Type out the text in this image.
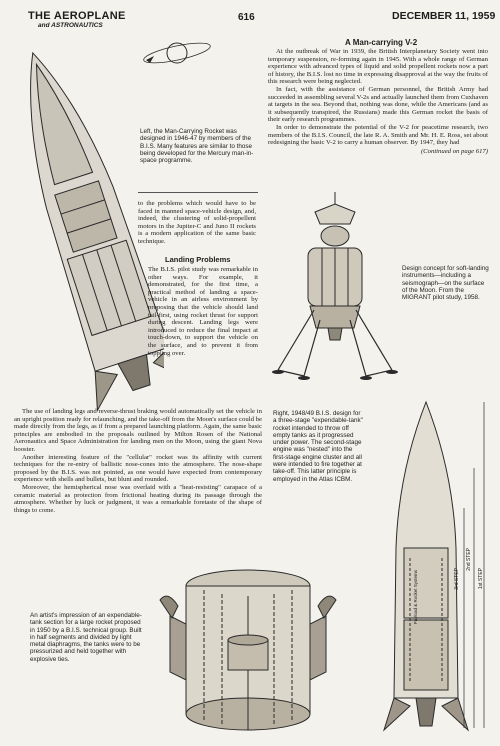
THE AEROPLANE
and ASTRONAUTICS
616	DECEMBER 11, 1959
Left, the Man-Carrying Rocket was designed in 1946-47 by members of the B.I.S. Many features are similar to those being developed for the Mercury man-in-space programme.
A Man-carrying V-2

At the outbreak of War in 1939, the British Interplanetary Society went into temporary suspension, re-forming again in 1945. With a whole range of German experience with advanced types of liquid and solid propellent rockets now a part of history, the B.I.S. lost no time in expressing disapproval at the way the fruits of this research were being neglected.

In fact, with the assistance of German personnel, the British Army had succeeded in assembling several V-2s and actually launched them from Cuxhaven at targets in the sea. Beyond that, nothing was done, while the Americans (and as it subsequently transpired, the Russians) made this German rocket the basis of their early research programmes.

In order to demonstrate the potential of the V-2 for peacetime research, two members of the B.I.S. Council, the late R. A. Smith and Mr. H. E. Ross, set about redesigning the basic V-2 to carry a human observer. By 1947, they had

(Continued on page 617)

to the problems which would have to be faced in manned space-vehicle design, and, indeed, the clustering of solid-propellent motors in the Jupiter-C and Juno II rockets is a modern application of the same basic technique.
Landing Problems
The B.I.S. pilot study was remarkable in other ways. For example, it demonstrated, for the first time, a practical method of landing a space-vehicle in an airless environment by proposing that the vehicle should land tail-first, using rocket thrust for support during descent. Landing legs were introduced to reduce the final impact at touch-down, to support the vehicle on the surface, and to prevent it from toppling over.
Design concept for soft-landing instruments—including a seismograph—on the surface of the Moon. From the MIGRANT pilot study, 1958.

The use of landing legs and reverse-thrust braking would automatically set the vehicle in an upright position ready for relaunching, and the take-off from the Moon's surface could be made directly from the legs, as if from a prepared launching platform. Again, the same basic principles are embodied in the proposals outlined by Milton Rosen of the National Aeronautics and Space Administration for landing men on the Moon, using the giant Nova booster.

Another interesting feature of the "cellular" rocket was its affinity with current techniques for the re-entry of ballistic nose-cones into the atmosphere. The nose-shape proposed by the B.I.S. was not pointed, as one would have expected from contemporary experience with shells and bullets, but blunt and rounded.

Moreover, the hemispherical nose was overlaid with a "heat-resisting" carapace of a ceramic material as protection from frictional heating during its passage through the atmosphere. Whether by luck or judgment, it was a remarkable foretaste of the shape of things to come.

Right, 1948/49 B.I.S. design for a three-stage "expendable-tank" rocket intended to throw off empty tanks as it progressed under power. The second-stage engine was "nested" into the first-stage engine cluster and all were intended to fire together at take-off. This latter principle is employed in the Atlas ICBM.
3rd STEP
2nd STEP
1st STEP
Payload & Rocket Systems
An artist's impression of an expendable-tank section for a large rocket proposed in 1950 by a B.I.S. technical group. Built in half segments and divided by light metal diaphragms, the tanks were to be pressurized and held together with explosive ties.
